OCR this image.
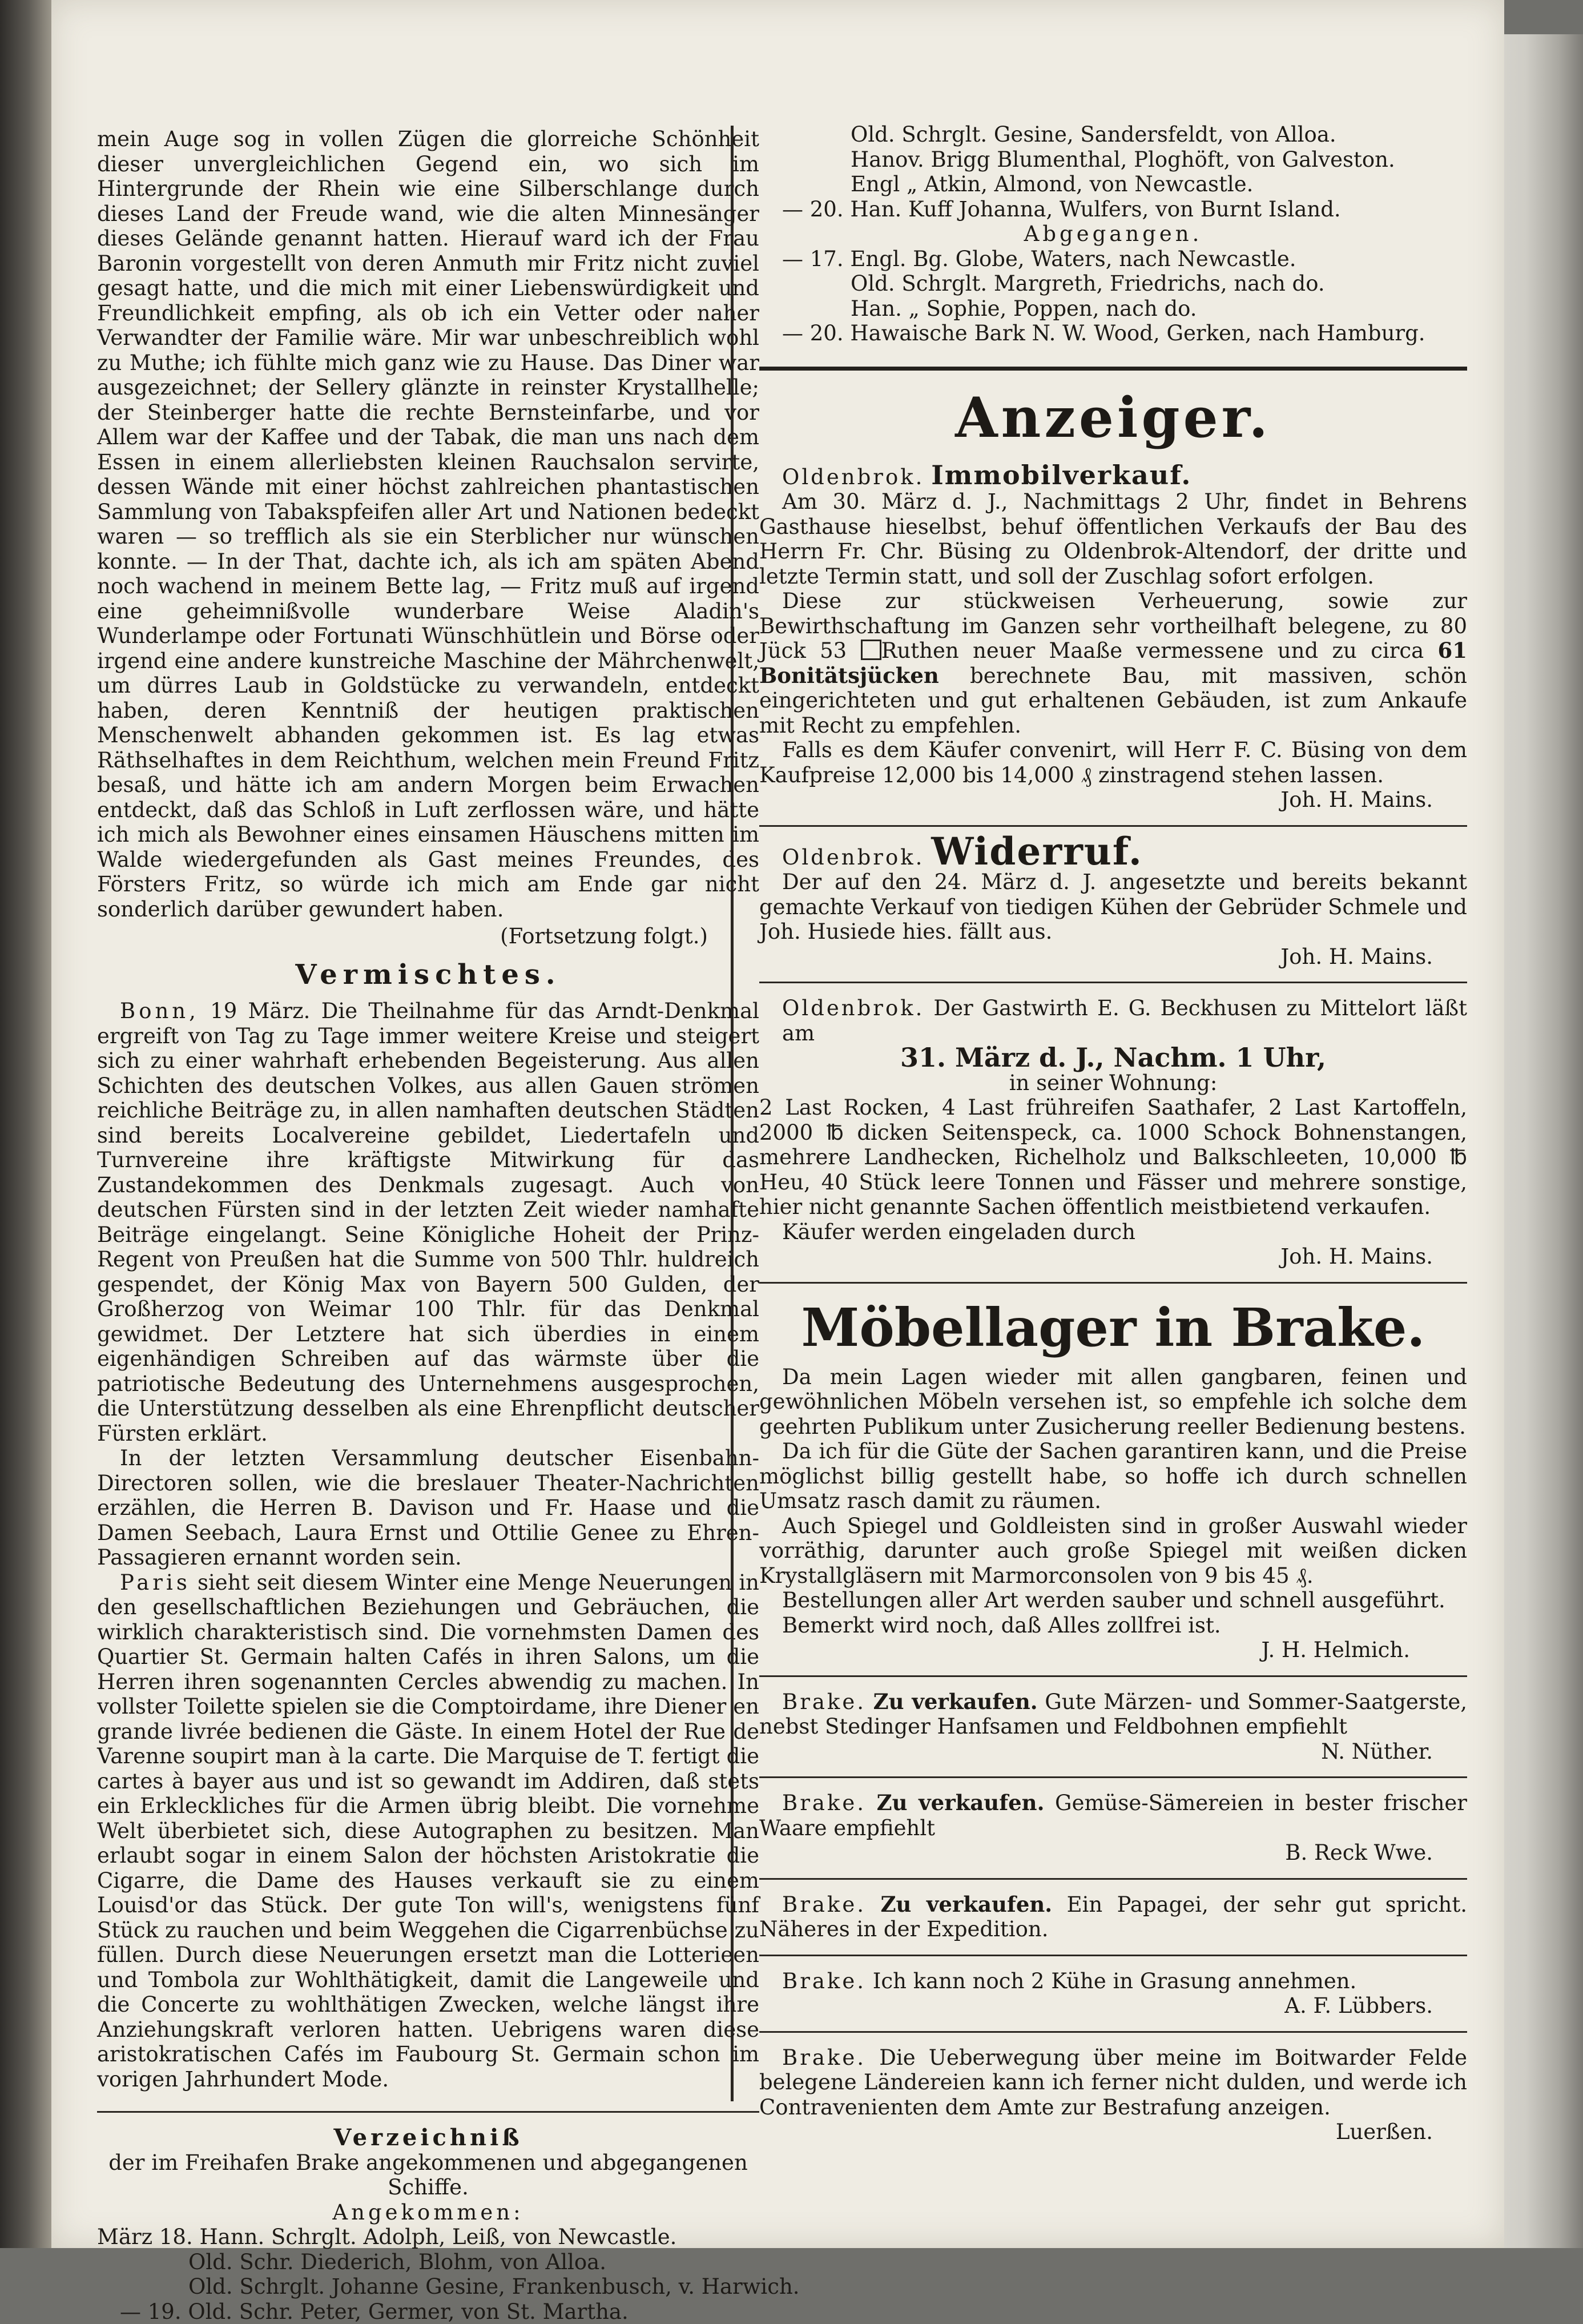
mein Auge sog in vollen Zügen die glorreiche Schönheit dieser unvergleichlichen Gegend ein, wo sich im Hintergrunde der Rhein wie eine Silberschlange durch dieses Land der Freude wand, wie die alten Minnesänger dieses Gelände genannt hatten. Hierauf ward ich der Frau Baronin vorgestellt von deren Anmuth mir Fritz nicht zuviel gesagt hatte, und die mich mit einer Liebenswürdigkeit und Freundlichkeit empfing, als ob ich ein Vetter oder naher Verwandter der Familie wäre. Mir war unbeschreiblich wohl zu Muthe; ich fühlte mich ganz wie zu Hause. Das Diner war ausgezeichnet; der Sellery glänzte in reinster Krystallhelle; der Steinberger hatte die rechte Bernsteinfarbe, und vor Allem war der Kaffee und der Tabak, die man uns nach dem Essen in einem allerliebsten kleinen Rauchsalon servirte, dessen Wände mit einer höchst zahlreichen phantastischen Sammlung von Tabakspfeifen aller Art und Nationen bedeckt waren — so trefflich als sie ein Sterblicher nur wünschen konnte. — In der That, dachte ich, als ich am späten Abend noch wachend in meinem Bette lag, — Fritz muß auf irgend eine geheimnißvolle wunderbare Weise Aladin's Wunderlampe oder Fortunati Wünschhütlein und Börse oder irgend eine andere kunstreiche Maschine der Mährchenwelt, um dürres Laub in Goldstücke zu verwandeln, entdeckt haben, deren Kenntniß der heutigen praktischen Menschenwelt abhanden gekommen ist. Es lag etwas Räthselhaftes in dem Reichthum, welchen mein Freund Fritz besaß, und hätte ich am andern Morgen beim Erwachen entdeckt, daß das Schloß in Luft zerflossen wäre, und hätte ich mich als Bewohner eines einsamen Häuschens mitten im Walde wiedergefunden als Gast meines Freundes, des Försters Fritz, so würde ich mich am Ende gar nicht sonderlich darüber gewundert haben.

(Fortsetzung folgt.)

Vermischtes.

Bonn, 19 März. Die Theilnahme für das Arndt-Denkmal ergreift von Tag zu Tage immer weitere Kreise und steigert sich zu einer wahrhaft erhebenden Begeisterung. Aus allen Schichten des deutschen Volkes, aus allen Gauen strömen reichliche Beiträge zu, in allen namhaften deutschen Städten sind bereits Localvereine gebildet, Liedertafeln und Turnvereine ihre kräftigste Mitwirkung für das Zustandekommen des Denkmals zugesagt. Auch von deutschen Fürsten sind in der letzten Zeit wieder namhafte Beiträge eingelangt. Seine Königliche Hoheit der Prinz-Regent von Preußen hat die Summe von 500 Thlr. huldreich gespendet, der König Max von Bayern 500 Gulden, der Großherzog von Weimar 100 Thlr. für das Denkmal gewidmet. Der Letztere hat sich überdies in einem eigenhändigen Schreiben auf das wärmste über die patriotische Bedeutung des Unternehmens ausgesprochen, die Unterstützung desselben als eine Ehrenpflicht deutscher Fürsten erklärt.

In der letzten Versammlung deutscher Eisenbahn-Directoren sollen, wie die breslauer Theater-Nachrichten erzählen, die Herren B. Davison und Fr. Haase und die Damen Seebach, Laura Ernst und Ottilie Genee zu Ehren-Passagieren ernannt worden sein.

Paris sieht seit diesem Winter eine Menge Neuerungen in den gesellschaftlichen Beziehungen und Gebräuchen, die wirklich charakteristisch sind. Die vornehmsten Damen des Quartier St. Germain halten Cafés in ihren Salons, um die Herren ihren sogenannten Cercles abwendig zu machen. In vollster Toilette spielen sie die Comptoirdame, ihre Diener en grande livrée bedienen die Gäste. In einem Hotel der Rue de Varenne soupirt man à la carte. Die Marquise de T. fertigt die cartes à bayer aus und ist so gewandt im Addiren, daß stets ein Erkleckliches für die Armen übrig bleibt. Die vornehme Welt überbietet sich, diese Autographen zu besitzen. Man erlaubt sogar in einem Salon der höchsten Aristokratie die Cigarre, die Dame des Hauses verkauft sie zu einem Louisd'or das Stück. Der gute Ton will's, wenigstens fünf Stück zu rauchen und beim Weggehen die Cigarrenbüchse zu füllen. Durch diese Neuerungen ersetzt man die Lotterieen und Tombola zur Wohlthätigkeit, damit die Langeweile und die Concerte zu wohlthätigen Zwecken, welche längst ihre Anziehungskraft verloren hatten. Uebrigens waren diese aristokratischen Cafés im Faubourg St. Germain schon im vorigen Jahrhundert Mode.

Verzeichniß
der im Freihafen Brake angekommenen und abgegangenen Schiffe.
Angekommen:
März 18. Hann. Schrglt. Adolph, Leiß, von Newcastle.
Old. Schr. Diederich, Blohm, von Alloa.
Old. Schrglt. Johanne Gesine, Frankenbusch, v. Harwich.
— 19. Old. Schr. Peter, Germer, von St. Martha.
Old. Schrglt. Gesine, Sandersfeldt, von Alloa.
Hanov. Brigg Blumenthal, Ploghöft, von Galveston.
Engl „ Atkin, Almond, von Newcastle.
— 20. Han. Kuff Johanna, Wulfers, von Burnt Island.
Abgegangen.
— 17. Engl. Bg. Globe, Waters, nach Newcastle.
Old. Schrglt. Margreth, Friedrichs, nach do.
Han. „ Sophie, Poppen, nach do.
— 20. Hawaische Bark N. W. Wood, Gerken, nach Hamburg.
Anzeiger.

Oldenbrok. Immobilverkauf.

Am 30. März d. J., Nachmittags 2 Uhr, findet in Behrens Gasthause hieselbst, behuf öffentlichen Verkaufs der Bau des Herrn Fr. Chr. Büsing zu Oldenbrok-Altendorf, der dritte und letzte Termin statt, und soll der Zuschlag sofort erfolgen.

Diese zur stückweisen Verheuerung, sowie zur Bewirthschaftung im Ganzen sehr vortheilhaft belegene, zu 80 Jück 53 Ruthen neuer Maaße vermessene und zu circa 61 Bonitätsjücken berechnete Bau, mit massiven, schön eingerichteten und gut erhaltenen Gebäuden, ist zum Ankaufe mit Recht zu empfehlen.

Falls es dem Käufer convenirt, will Herr F. C. Büsing von dem Kaufpreise 12,000 bis 14,000 ₰ zinstragend stehen lassen.

Joh. H. Mains.

Oldenbrok. Widerruf.

Der auf den 24. März d. J. angesetzte und bereits bekannt gemachte Verkauf von tiedigen Kühen der Gebrüder Schmele und Joh. Husiede hies. fällt aus.

Joh. H. Mains.

Oldenbrok. Der Gastwirth E. G. Beckhusen zu Mittelort läßt am

31. März d. J., Nachm. 1 Uhr,
in seiner Wohnung:

2 Last Rocken, 4 Last frühreifen Saathafer, 2 Last Kartoffeln, 2000 ℔ dicken Seitenspeck, ca. 1000 Schock Bohnenstangen, mehrere Landhecken, Richelholz und Balkschleeten, 10,000 ℔ Heu, 40 Stück leere Tonnen und Fässer und mehrere sonstige, hier nicht genannte Sachen öffentlich meistbietend verkaufen.

Käufer werden eingeladen durch

Joh. H. Mains.

Möbellager in Brake.

Da mein Lagen wieder mit allen gangbaren, feinen und gewöhnlichen Möbeln versehen ist, so empfehle ich solche dem geehrten Publikum unter Zusicherung reeller Bedienung bestens.

Da ich für die Güte der Sachen garantiren kann, und die Preise möglichst billig gestellt habe, so hoffe ich durch schnellen Umsatz rasch damit zu räumen.

Auch Spiegel und Goldleisten sind in großer Auswahl wieder vorräthig, darunter auch große Spiegel mit weißen dicken Krystallgläsern mit Marmorconsolen von 9 bis 45 ₰.

Bestellungen aller Art werden sauber und schnell ausgeführt.

Bemerkt wird noch, daß Alles zollfrei ist.

J. H. Helmich.

Brake. Zu verkaufen. Gute Märzen- und Sommer-Saatgerste, nebst Stedinger Hanfsamen und Feldbohnen empfiehlt

N. Nüther.

Brake. Zu verkaufen. Gemüse-Sämereien in bester frischer Waare empfiehlt

B. Reck Wwe.

Brake. Zu verkaufen. Ein Papagei, der sehr gut spricht. Näheres in der Expedition.

Brake. Ich kann noch 2 Kühe in Grasung annehmen.

A. F. Lübbers.

Brake. Die Ueberwegung über meine im Boitwarder Felde belegene Ländereien kann ich ferner nicht dulden, und werde ich Contravenienten dem Amte zur Bestrafung anzeigen.

Luerßen.
